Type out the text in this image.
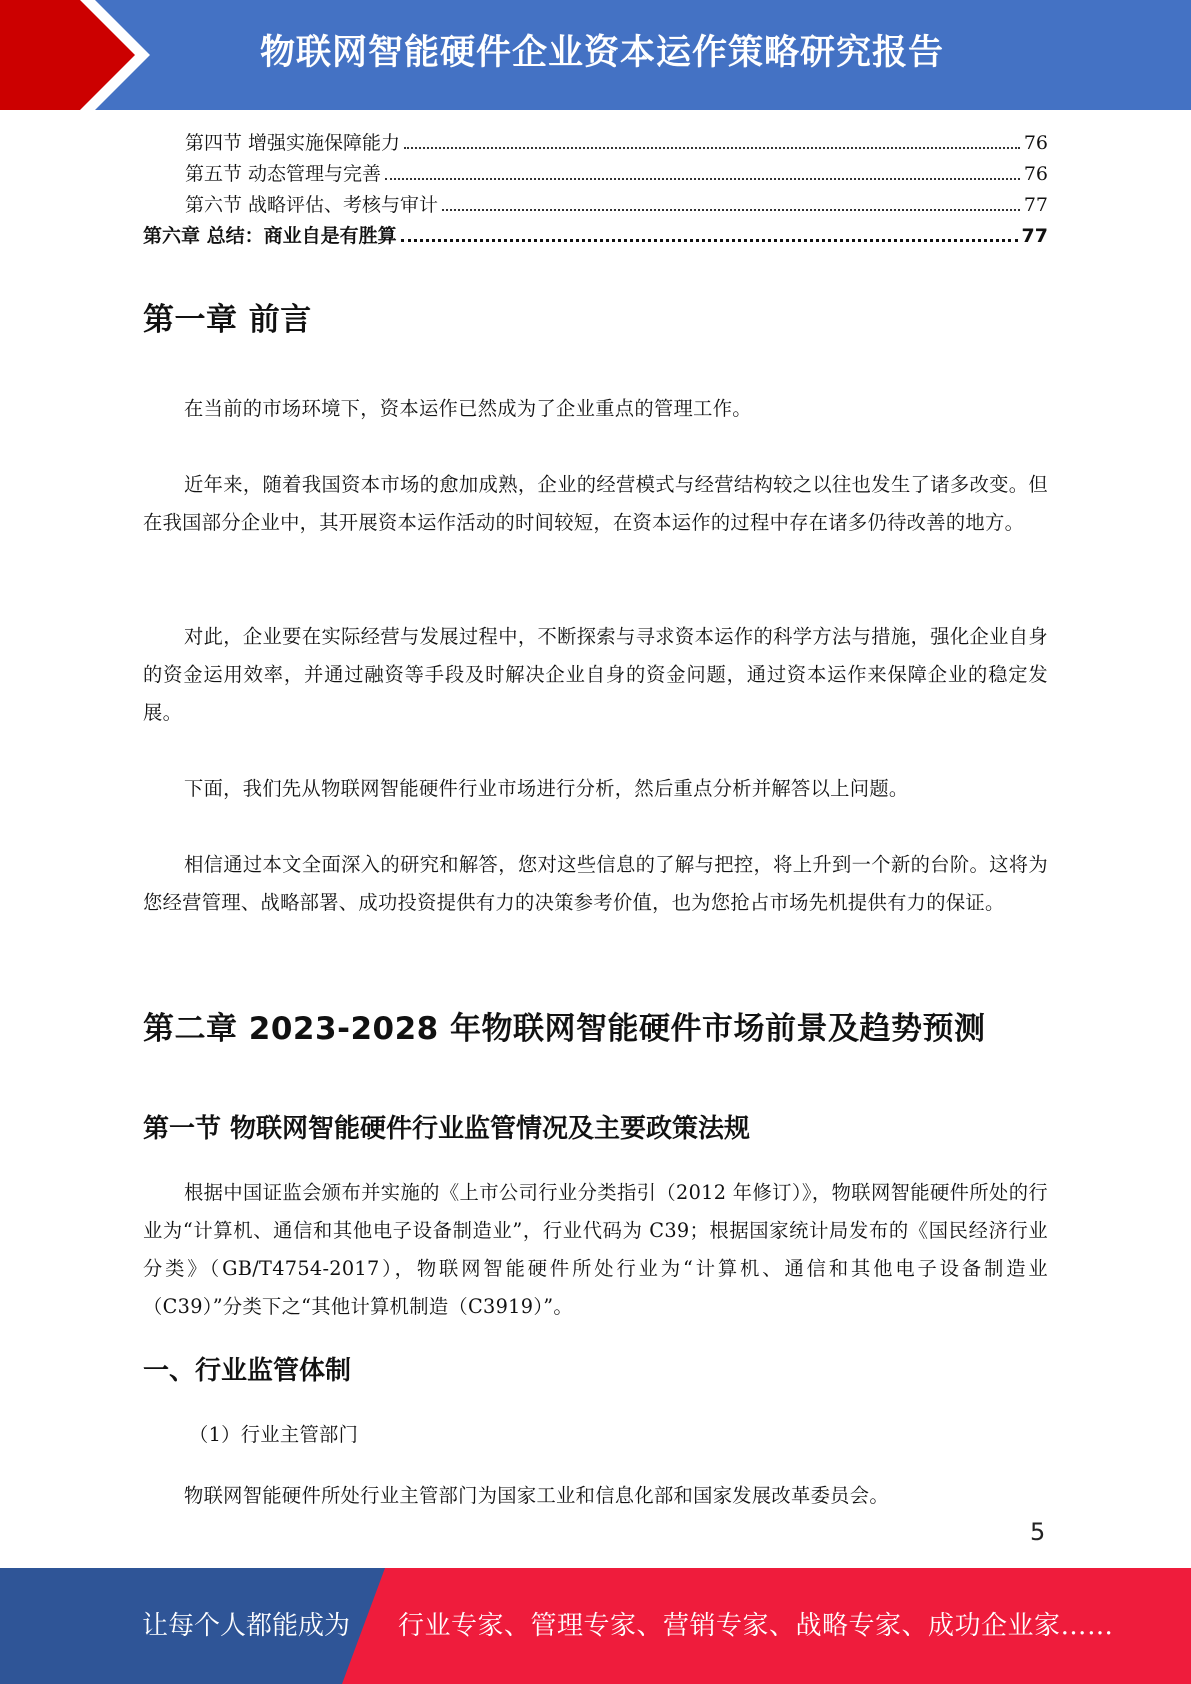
物联网智能硬件企业资本运作策略研究报告
第四节 增强实施保障能力	76
第五节 动态管理与完善	76
第六节 战略评估、考核与审计	77
第六章 总结：商业自是有胜算	77
第一章 前言
在当前的市场环境下，资本运作已然成为了企业重点的管理工作。
近年来，随着我国资本市场的愈加成熟，企业的经营模式与经营结构较之以往也发生了诸多改变。但在我国部分企业中，其开展资本运作活动的时间较短，在资本运作的过程中存在诸多仍待改善的地方。
对此，企业要在实际经营与发展过程中，不断探索与寻求资本运作的科学方法与措施，强化企业自身的资金运用效率，并通过融资等手段及时解决企业自身的资金问题，通过资本运作来保障企业的稳定发展。
下面，我们先从物联网智能硬件行业市场进行分析，然后重点分析并解答以上问题。
相信通过本文全面深入的研究和解答，您对这些信息的了解与把控，将上升到一个新的台阶。这将为您经营管理、战略部署、成功投资提供有力的决策参考价值，也为您抢占市场先机提供有力的保证。
第二章 2023-2028 年物联网智能硬件市场前景及趋势预测
第一节 物联网智能硬件行业监管情况及主要政策法规
根据中国证监会颁布并实施的《上市公司行业分类指引（2012 年修订）》，物联网智能硬件所处的行业为“计算机、通信和其他电子设备制造业”，行业代码为 C39；根据国家统计局发布的《国民经济行业分类》（GB/T4754-2017），物联网智能硬件所处行业为“计算机、通信和其他电子设备制造业（C39）”分类下之“其他计算机制造（C3919）”。
一、行业监管体制
（1）行业主管部门
物联网智能硬件所处行业主管部门为国家工业和信息化部和国家发展改革委员会。
5
让每个人都能成为 行业专家、管理专家、营销专家、战略专家、成功企业家……
